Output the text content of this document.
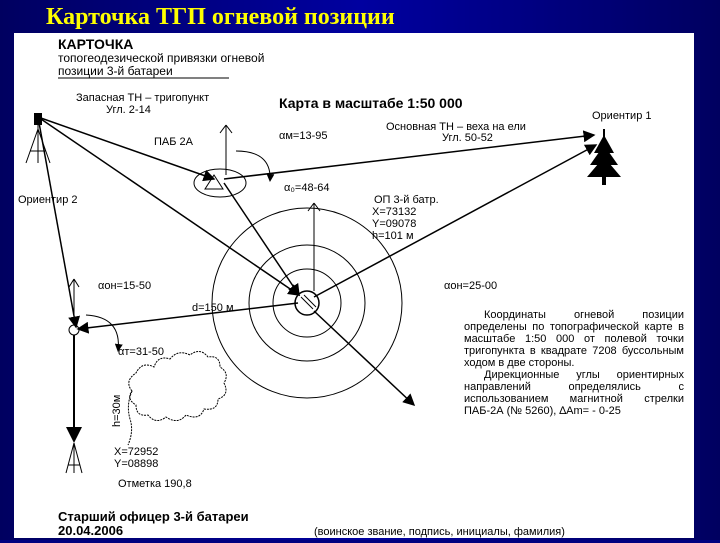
Карточка ТГП огневой позиции
КАРТОЧКА
топогеодезической привязки огневой
позиции 3-й батареи
Запасная ТН – тригопункт
Угл. 2-14	Карта в масштабе 1:50 000
Ориентир 1
Основная ТН – веха на ели
Угл. 50-52
ПАБ 2А	αм=13-95
α₀=48-64
Ориентир 2	ОП 3-й батр.
X=73132
Y=09078
h=101 м
αон=15-50	αон=25-00
d=150 м
αт=31-50
h=30м
X=72952
Y=08898
Отметка 190,8
Координаты огневой позиции определены по топографической карте в масштабе 1:50 000 от полевой точки тригопункта в квадрате 7208 буссольным ходом в две стороны.
Дирекционные углы ориентирных направлений определялись с использованием магнитной стрелки ПАБ-2А (№ 5260), ∆Am= - 0-25
Старший офицер 3-й батареи
20.04.2006	(воинское звание, подпись, инициалы, фамилия)
